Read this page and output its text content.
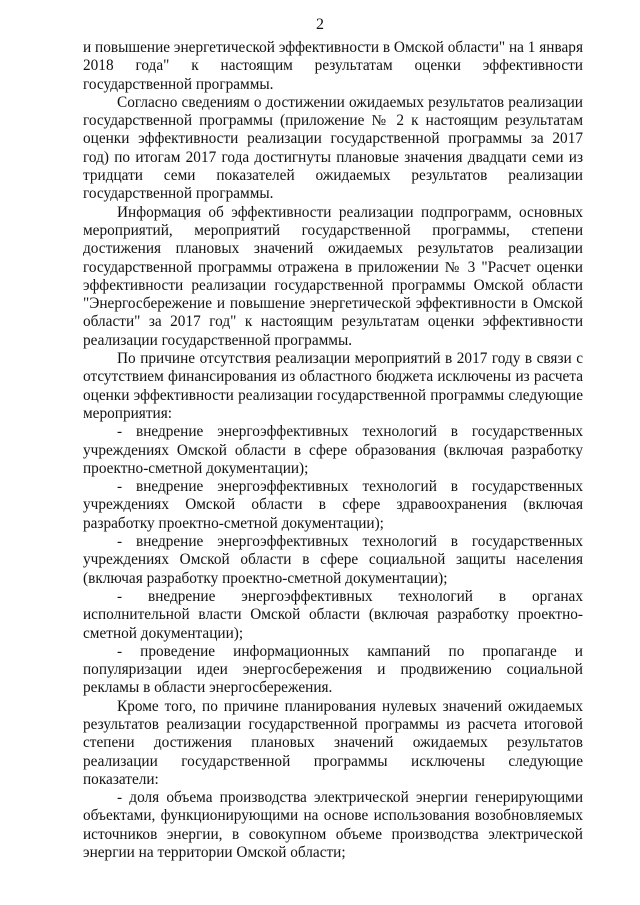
2

и повышение энергетической эффективности в Омской области" на 1 января 2018 года" к настоящим результатам оценки эффективности государственной программы.

Согласно сведениям о достижении ожидаемых результатов реализации государственной программы (приложение № 2 к настоящим результатам оценки эффективности реализации государственной программы за 2017 год) по итогам 2017 года достигнуты плановые значения двадцати семи из тридцати семи показателей ожидаемых результатов реализации государственной программы.

Информация об эффективности реализации подпрограмм, основных мероприятий, мероприятий государственной программы, степени достижения плановых значений ожидаемых результатов реализации государственной программы отражена в приложении № 3 "Расчет оценки эффективности реализации государственной программы Омской области "Энергосбережение и повышение энергетической эффективности в Омской области" за 2017 год" к настоящим результатам оценки эффективности реализации государственной программы.

По причине отсутствия реализации мероприятий в 2017 году в связи с отсутствием финансирования из областного бюджета исключены из расчета оценки эффективности реализации государственной программы следующие мероприятия:

- внедрение энергоэффективных технологий в государственных учреждениях Омской области в сфере образования (включая разработку проектно-сметной документации);

- внедрение энергоэффективных технологий в государственных учреждениях Омской области в сфере здравоохранения (включая разработку проектно-сметной документации);

- внедрение энергоэффективных технологий в государственных учреждениях Омской области в сфере социальной защиты населения (включая разработку проектно-сметной документации);

- внедрение энергоэффективных технологий в органах исполнительной власти Омской области (включая разработку проектно-сметной документации);

- проведение информационных кампаний по пропаганде и популяризации идеи энергосбережения и продвижению социальной рекламы в области энергосбережения.

Кроме того, по причине планирования нулевых значений ожидаемых результатов реализации государственной программы из расчета итоговой степени достижения плановых значений ожидаемых результатов реализации государственной программы исключены следующие показатели:

- доля объема производства электрической энергии генерирующими объектами, функционирующими на основе использования возобновляемых источников энергии, в совокупном объеме производства электрической энергии на территории Омской области;
